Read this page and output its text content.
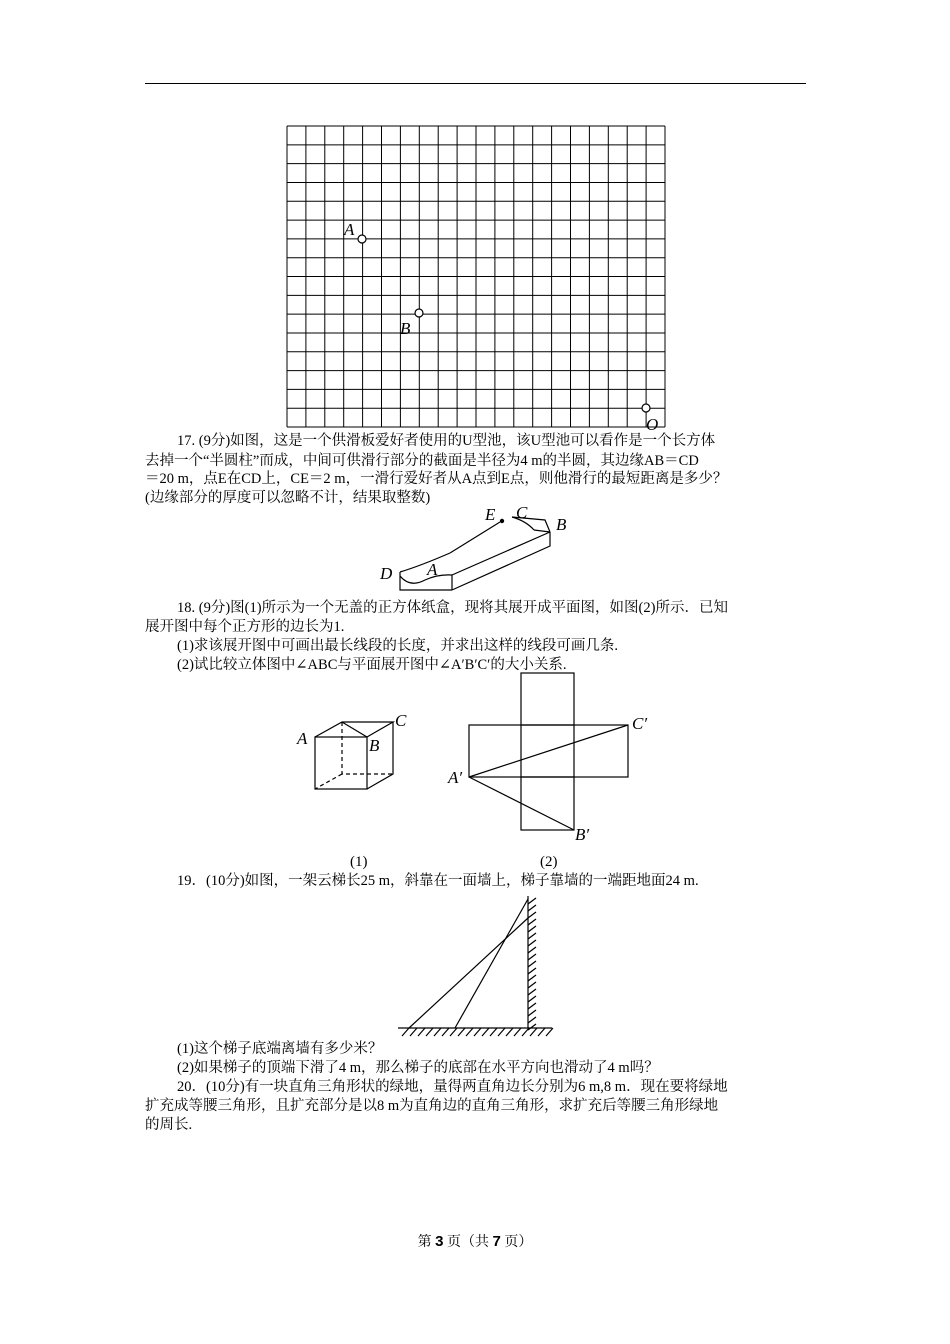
A
B
O
17. (9分)如图，这是一个供滑板爱好者使用的U型池，该U型池可以看作是一个长方体
去掉一个“半圆柱”而成，中间可供滑行部分的截面是半径为4 m的半圆，其边缘AB＝CD
＝20 m，点E在CD上，CE＝2 m，一滑行爱好者从A点到E点，则他滑行的最短距离是多少？
(边缘部分的厚度可以忽略不计，结果取整数)
E C
B
D A
18. (9分)图(1)所示为一个无盖的正方体纸盒，现将其展开成平面图，如图(2)所示．已知
展开图中每个正方形的边长为1.
(1)求该展开图中可画出最长线段的长度，并求出这样的线段可画几条.
(2)试比较立体图中∠ABC与平面展开图中∠A′B′C′的大小关系.
A	B
C
A′
B′
C′
(1)	(2)
19．(10分)如图，一架云梯长25 m，斜靠在一面墙上，梯子靠墙的一端距地面24 m.
(1)这个梯子底端离墙有多少米？
(2)如果梯子的顶端下滑了4 m，那么梯子的底部在水平方向也滑动了4 m吗？
20．(10分)有一块直角三角形状的绿地，量得两直角边长分别为6 m,8 m．现在要将绿地
扩充成等腰三角形，且扩充部分是以8 m为直角边的直角三角形，求扩充后等腰三角形绿地
的周长.
第 3 页（共 7 页）
